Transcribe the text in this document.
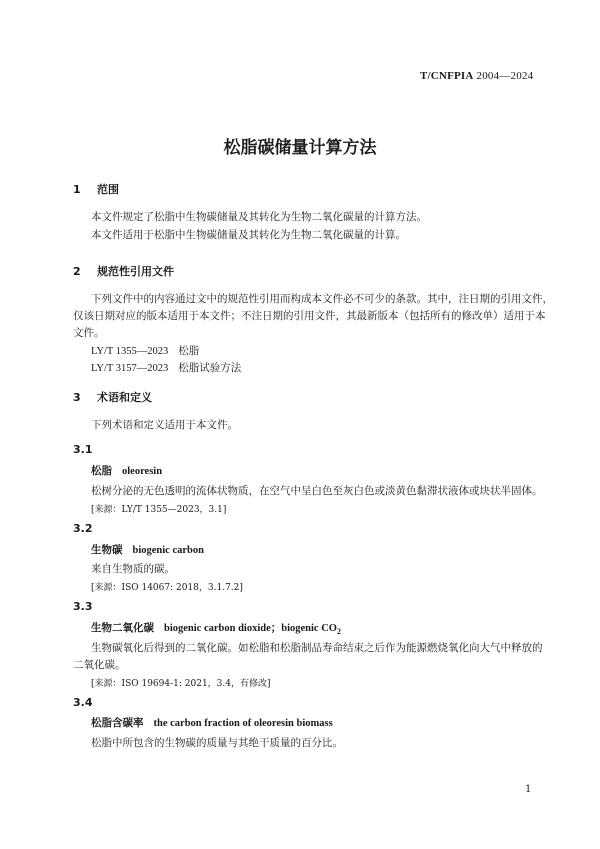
T/CNFPIA 2004—2024
松脂碳储量计算方法
1 范围
本文件规定了松脂中生物碳储量及其转化为生物二氧化碳量的计算方法。
本文件适用于松脂中生物碳储量及其转化为生物二氧化碳量的计算。
2 规范性引用文件
下列文件中的内容通过文中的规范性引用而构成本文件必不可少的条款。其中，注日期的引用文件，
仅该日期对应的版本适用于本文件；不注日期的引用文件，其最新版本（包括所有的修改单）适用于本
文件。
LY/T 1355—2023 松脂
LY/T 3157—2023 松脂试验方法
3 术语和定义
下列术语和定义适用于本文件。
3.1
松脂 oleoresin
松树分泌的无色透明的流体状物质，在空气中呈白色至灰白色或淡黄色黏滞状液体或块状半固体。
[来源：LY/T 1355—2023，3.1]
3.2
生物碳 biogenic carbon
来自生物质的碳。
[来源：ISO 14067: 2018，3.1.7.2]
3.3
生物二氧化碳 biogenic carbon dioxide；biogenic $CO_2$
生物碳氧化后得到的二氧化碳。如松脂和松脂制品寿命结束之后作为能源燃烧氧化向大气中释放的
二氧化碳。
[来源：ISO 19694-1: 2021，3.4，有修改]
3.4
松脂含碳率 the carbon fraction of oleoresin biomass
松脂中所包含的生物碳的质量与其绝干质量的百分比。
1
